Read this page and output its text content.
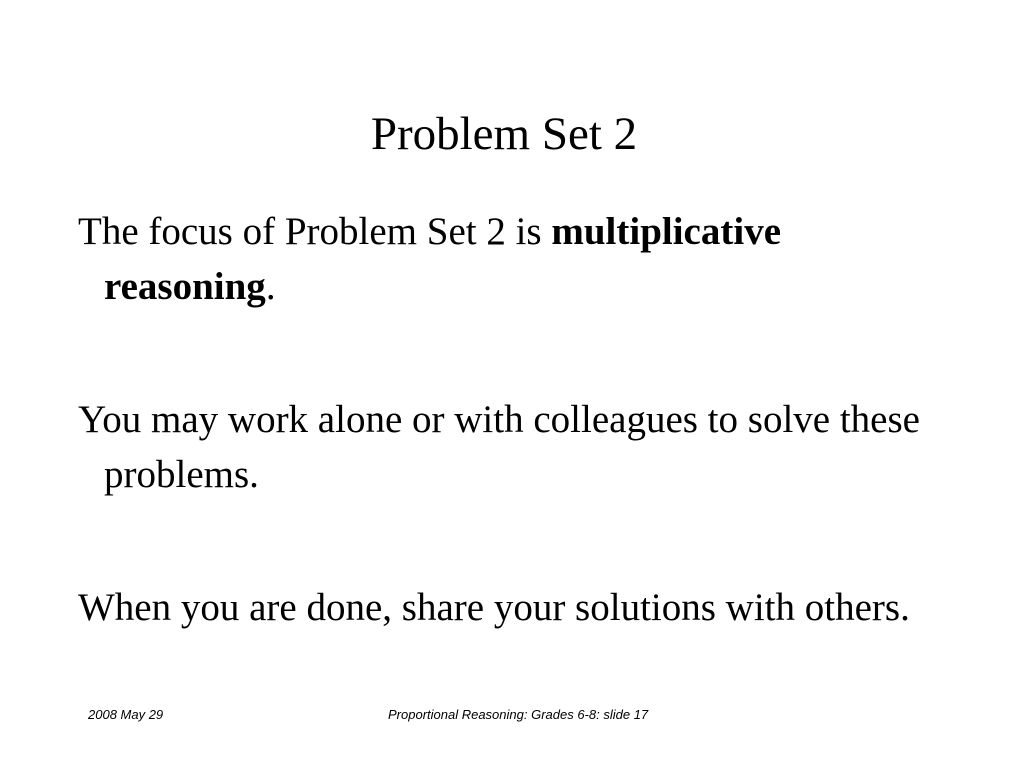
Problem Set 2

The focus of Problem Set 2 is multiplicative reasoning.

You may work alone or with colleagues to solve these problems.

When you are done, share your solutions with others.

2008 May 29	Proportional Reasoning: Grades 6-8: slide 17
